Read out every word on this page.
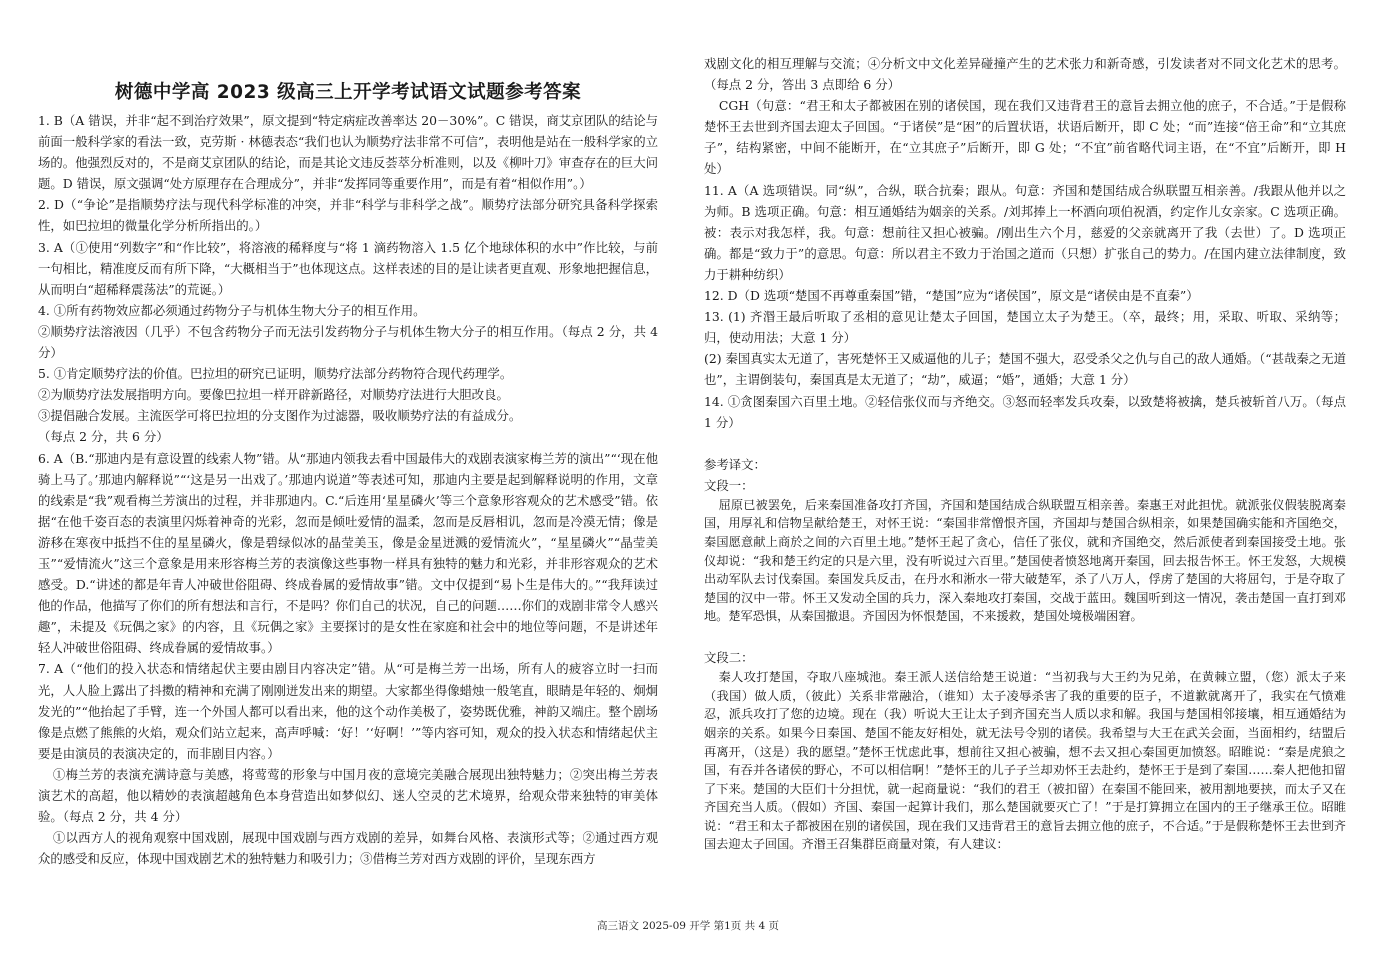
树德中学高 2023 级高三上开学考试语文试题参考答案

1. B（A 错误，并非“起不到治疗效果”，原文提到“特定病症改善率达 20－30%”。C 错误，商艾京团队的结论与前面一般科学家的看法一致，克劳斯 · 林德表态“我们也认为顺势疗法非常不可信”，表明他是站在一般科学家的立场的。他强烈反对的，不是商艾京团队的结论，而是其论文违反荟萃分析准则，以及《柳叶刀》审查存在的巨大问题。D 错误，原文强调“处方原理存在合理成分”，并非“发挥同等重要作用”，而是有着“相似作用”。）

2. D（“争论”是指顺势疗法与现代科学标准的冲突，并非“科学与非科学之战”。顺势疗法部分研究具备科学探索性，如巴拉坦的微量化学分析所指出的。）

3. A（①使用“列数字”和“作比较”，将溶液的稀释度与“将 1 滴药物溶入 1.5 亿个地球体积的水中”作比较，与前一句相比，精准度反而有所下降，“大概相当于”也体现这点。这样表述的目的是让读者更直观、形象地把握信息，从而明白“超稀释震荡法”的荒诞。）

4. ①所有药物效应都必须通过药物分子与机体生物大分子的相互作用。

②顺势疗法溶液因（几乎）不包含药物分子而无法引发药物分子与机体生物大分子的相互作用。（每点 2 分，共 4 分）

5. ①肯定顺势疗法的价值。巴拉坦的研究已证明，顺势疗法部分药物符合现代药理学。

②为顺势疗法发展指明方向。要像巴拉坦一样开辟新路径，对顺势疗法进行大胆改良。

③提倡融合发展。主流医学可将巴拉坦的分支图作为过滤器，吸收顺势疗法的有益成分。

（每点 2 分，共 6 分）

6. A（B.“那迪内是有意设置的线索人物”错。从“那迪内领我去看中国最伟大的戏剧表演家梅兰芳的演出”“‘现在他骑上马了。’那迪内解释说”“‘这是另一出戏了。’那迪内说道”等表述可知，那迪内主要是起到解释说明的作用，文章的线索是“我”观看梅兰芳演出的过程，并非那迪内。C.“后连用‘星星磷火’等三个意象形容观众的艺术感受”错。依据“在他千姿百态的表演里闪烁着神奇的光彩，忽而是倾吐爱情的温柔，忽而是反唇相讥，忽而是冷漠无情；像是游移在寒夜中抵挡不住的星星磷火，像是碧绿似冰的晶莹美玉，像是金星迸溅的爱情流火”，“星星磷火”“晶莹美玉”“爱情流火”这三个意象是用来形容梅兰芳的表演像这些事物一样具有独特的魅力和光彩，并非形容观众的艺术感受。D.“讲述的都是年青人冲破世俗阻碍、终成眷属的爱情故事”错。文中仅提到“易卜生是伟大的。”“我拜读过他的作品，他描写了你们的所有想法和言行，不是吗？你们自己的状况，自己的问题……你们的戏剧非常令人感兴趣”，未提及《玩偶之家》的内容，且《玩偶之家》主要探讨的是女性在家庭和社会中的地位等问题，不是讲述年轻人冲破世俗阻碍、终成眷属的爱情故事。）

7. A（“他们的投入状态和情绪起伏主要由剧目内容决定”错。从“可是梅兰芳一出场，所有人的疲容立时一扫而光，人人脸上露出了抖擞的精神和充满了刚刚迸发出来的期望。大家都坐得像蜡烛一般笔直，眼睛是年轻的、炯炯发光的”“他抬起了手臂，连一个外国人都可以看出来，他的这个动作美极了，姿势既优雅，神韵又端庄。整个剧场像是点燃了熊熊的火焰，观众们站立起来，高声呼喊：‘好！’‘好啊！’”等内容可知，观众的投入状态和情绪起伏主要是由演员的表演决定的，而非剧目内容。）

①梅兰芳的表演充满诗意与美感，将莺莺的形象与中国月夜的意境完美融合展现出独特魅力；②突出梅兰芳表演艺术的高超，他以精妙的表演超越角色本身营造出如梦似幻、迷人空灵的艺术境界，给观众带来独特的审美体验。（每点 2 分，共 4 分）

①以西方人的视角观察中国戏剧，展现中国戏剧与西方戏剧的差异，如舞台风格、表演形式等；②通过西方观众的感受和反应，体现中国戏剧艺术的独特魅力和吸引力；③借梅兰芳对西方戏剧的评价，呈现东西方

戏剧文化的相互理解与交流；④分析文中文化差异碰撞产生的艺术张力和新奇感，引发读者对不同文化艺术的思考。（每点 2 分，答出 3 点即给 6 分）

CGH（句意：“君王和太子都被困在别的诸侯国，现在我们又违背君王的意旨去拥立他的庶子，不合适。”于是假称楚怀王去世到齐国去迎太子回国。“于诸侯”是“困”的后置状语，状语后断开，即 C 处；“而”连接“倍王命”和“立其庶子”，结构紧密，中间不能断开，在“立其庶子”后断开，即 G 处；“不宜”前省略代词主语，在“不宜”后断开，即 H 处）

11. A（A 选项错误。同“纵”，合纵，联合抗秦；跟从。句意：齐国和楚国结成合纵联盟互相亲善。/我跟从他并以之为师。B 选项正确。句意：相互通婚结为姻亲的关系。/刘邦捧上一杯酒向项伯祝酒，约定作儿女亲家。C 选项正确。被：表示对我怎样，我。句意：想前往又担心被骗。/刚出生六个月，慈爱的父亲就离开了我（去世）了。D 选项正确。都是“致力于”的意思。句意：所以君主不致力于治国之道而（只想）扩张自己的势力。/在国内建立法律制度，致力于耕种纺织）

12. D（D 选项“楚国不再尊重秦国”错，“楚国”应为“诸侯国”，原文是“诸侯由是不直秦”）

13. (1) 齐湣王最后听取了丞相的意见让楚太子回国，楚国立太子为楚王。（卒，最终；用，采取、听取、采纳等；归，使动用法；大意 1 分）

(2) 秦国真实太无道了，害死楚怀王又威逼他的儿子；楚国不强大，忍受杀父之仇与自己的敌人通婚。（“甚哉秦之无道也”，主谓倒装句，秦国真是太无道了；“劫”，威逼；“婚”，通婚；大意 1 分）

14. ①贪图秦国六百里土地。②轻信张仪而与齐绝交。③怒而轻率发兵攻秦，以致楚将被擒，楚兵被斩首八万。（每点 1 分）

参考译文：

文段一：

屈原已被罢免，后来秦国准备攻打齐国，齐国和楚国结成合纵联盟互相亲善。秦惠王对此担忧。就派张仪假装脱离秦国，用厚礼和信物呈献给楚王，对怀王说：“秦国非常憎恨齐国，齐国却与楚国合纵相亲，如果楚国确实能和齐国绝交，秦国愿意献上商於之间的六百里土地。”楚怀王起了贪心，信任了张仪，就和齐国绝交，然后派使者到秦国接受土地。张仪却说：“我和楚王约定的只是六里，没有听说过六百里。”楚国使者愤怒地离开秦国，回去报告怀王。怀王发怒，大规模出动军队去讨伐秦国。秦国发兵反击，在丹水和淅水一带大破楚军，杀了八万人，俘虏了楚国的大将屈匄，于是夺取了楚国的汉中一带。怀王又发动全国的兵力，深入秦地攻打秦国，交战于蓝田。魏国听到这一情况，袭击楚国一直打到邓地。楚军恐惧，从秦国撤退。齐国因为怀恨楚国，不来援救，楚国处境极端困窘。

文段二：

秦人攻打楚国，夺取八座城池。秦王派人送信给楚王说道：“当初我与大王约为兄弟，在黄棘立盟，（您）派太子来（我国）做人质，（彼此）关系非常融洽，（谁知）太子凌辱杀害了我的重要的臣子，不道歉就离开了，我实在气愤难忍，派兵攻打了您的边境。现在（我）听说大王让太子到齐国充当人质以求和解。我国与楚国相邻接壤，相互通婚结为姻亲的关系。如果今日秦国、楚国不能友好相处，就无法号令别的诸侯。我希望与大王在武关会面，当面相约，结盟后再离开，（这是）我的愿望。”楚怀王忧虑此事，想前往又担心被骗，想不去又担心秦国更加愤怒。昭睢说：“秦是虎狼之国，有吞并各诸侯的野心，不可以相信啊！”楚怀王的儿子子兰却劝怀王去赴约，楚怀王于是到了秦国……秦人把他扣留了下来。楚国的大臣们十分担忧，就一起商量说：“我们的君王（被扣留）在秦国不能回来，被用割地要挟，而太子又在齐国充当人质。（假如）齐国、秦国一起算计我们，那么楚国就要灭亡了！”于是打算拥立在国内的王子继承王位。昭睢说：“君王和太子都被困在别的诸侯国，现在我们又违背君王的意旨去拥立他的庶子，不合适。”于是假称楚怀王去世到齐国去迎太子回国。齐湣王召集群臣商量对策，有人建议：

高三语文 2025-09 开学 第1页 共 4 页
